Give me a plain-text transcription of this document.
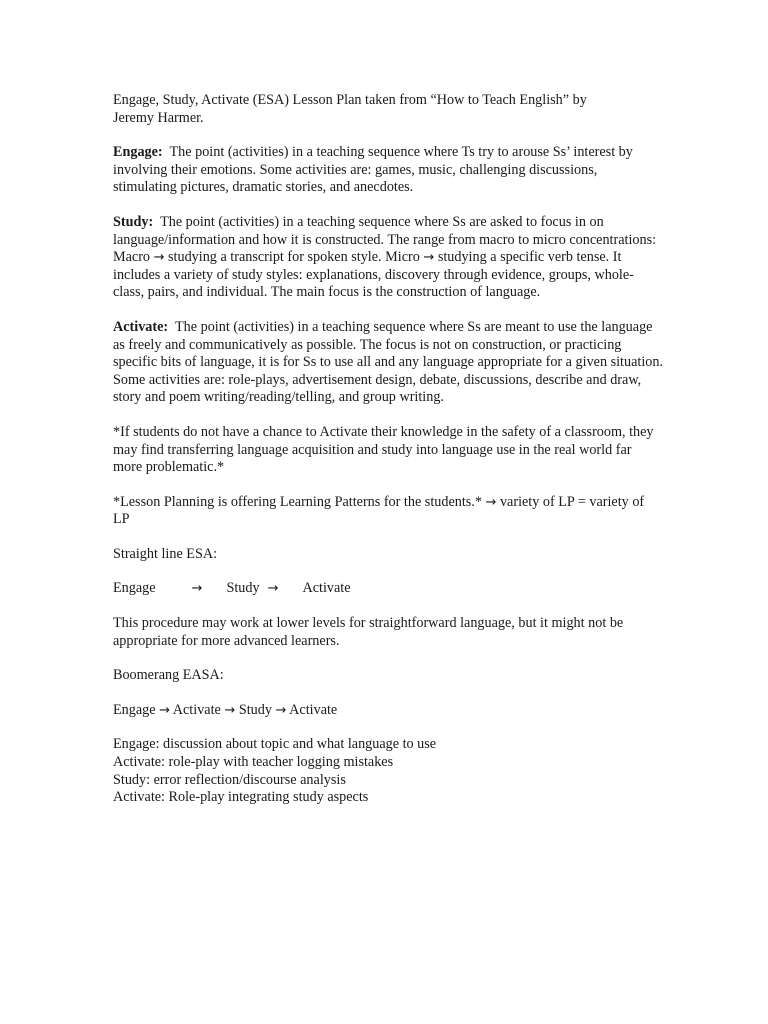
Engage, Study, Activate (ESA) Lesson Plan taken from “How to Teach English” by
Jeremy Harmer.

Engage: The point (activities) in a teaching sequence where Ts try to arouse Ss’ interest by involving their emotions. Some activities are: games, music, challenging discussions, stimulating pictures, dramatic stories, and anecdotes.

Study: The point (activities) in a teaching sequence where Ss are asked to focus in on language/information and how it is constructed. The range from macro to micro concentrations: Macro → studying a transcript for spoken style. Micro → studying a specific verb tense. It includes a variety of study styles: explanations, discovery through evidence, groups, whole-class, pairs, and individual. The main focus is the construction of language.

Activate: The point (activities) in a teaching sequence where Ss are meant to use the language as freely and communicatively as possible. The focus is not on construction, or practicing specific bits of language, it is for Ss to use all and any language appropriate for a given situation. Some activities are: role-plays, advertisement design, debate, discussions, describe and draw, story and poem writing/reading/telling, and group writing.

*If students do not have a chance to Activate their knowledge in the safety of a classroom, they may find transferring language acquisition and study into language use in the real world far more problematic.*

*Lesson Planning is offering Learning Patterns for the students.* → variety of LP = variety of LP

Straight line ESA:

Engage	→ Study → Activate

This procedure may work at lower levels for straightforward language, but it might not be appropriate for more advanced learners.

Boomerang EASA:

Engage → Activate → Study → Activate

Engage: discussion about topic and what language to use

Activate: role-play with teacher logging mistakes

Study: error reflection/discourse analysis

Activate: Role-play integrating study aspects
